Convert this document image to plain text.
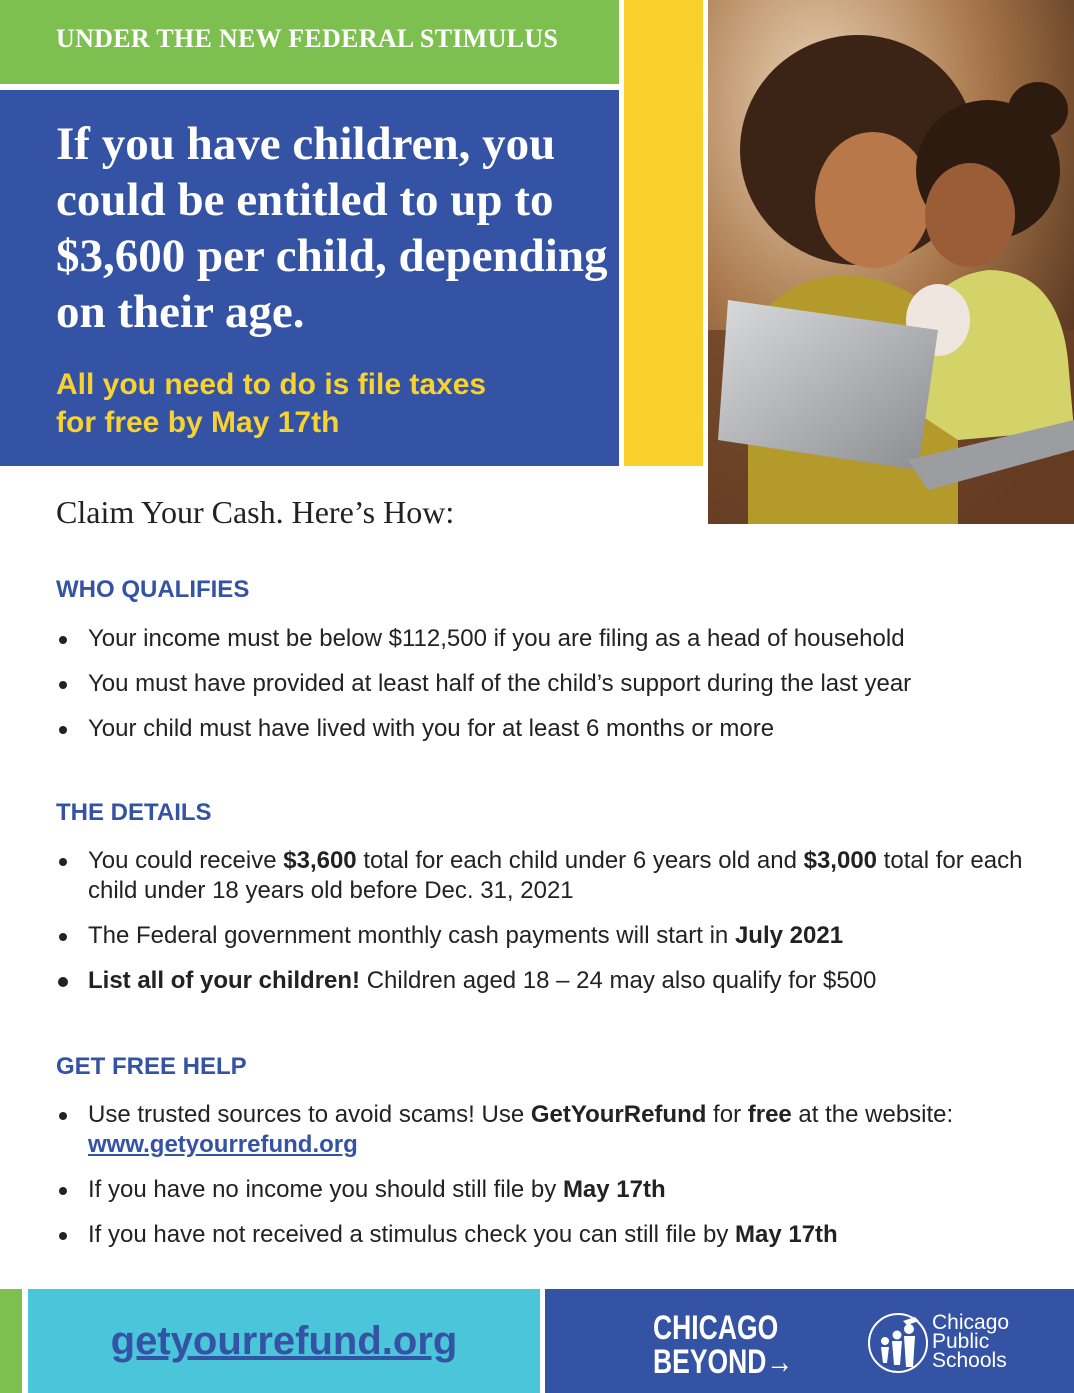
UNDER THE NEW FEDERAL STIMULUS
If you have children, you could be entitled to up to $3,600 per child, depending on their age.
All you need to do is file taxes
for free by May 17th
Claim Your Cash. Here’s How:
WHO QUALIFIES
Your income must be below $112,500 if you are filing as a head of household
You must have provided at least half of the child’s support during the last year
Your child must have lived with you for at least 6 months or more
THE DETAILS
You could receive $3,600 total for each child under 6 years old and $3,000 total for each child under 18 years old before Dec. 31, 2021
The Federal government monthly cash payments will start in July 2021
List all of your children! Children aged 18 – 24 may also qualify for $500
GET FREE HELP
Use trusted sources to avoid scams! Use GetYourRefund for free at the website:
www.getyourrefund.org
If you have no income you should still file by May 17th
If you have not received a stimulus check you can still file by May 17th
getyourrefund.org	CHICAGO
BEYOND→
Chicago
Public
Schools
